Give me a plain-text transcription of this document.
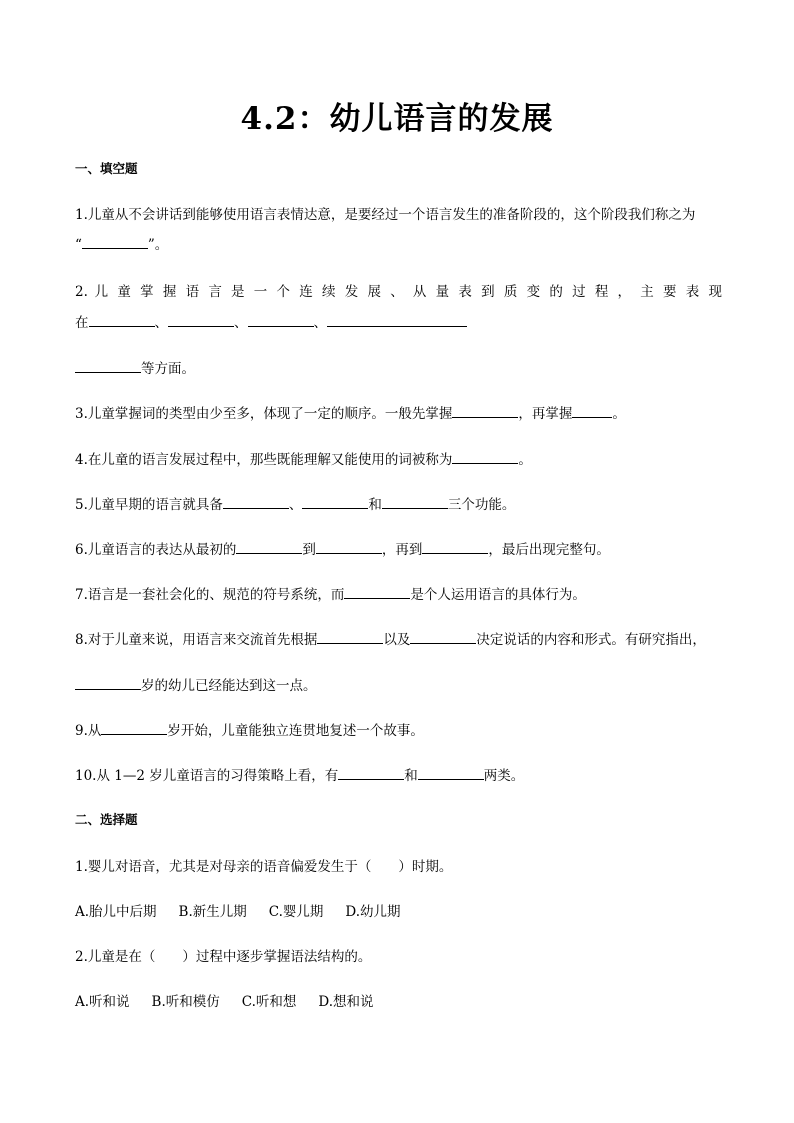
4.2：幼儿语言的发展
一、填空题
1.儿童从不会讲话到能够使用语言表情达意，是要经过一个语言发生的准备阶段的，这个阶段我们称之为
“	”。
2. 儿 童 掌 握 语 言 是 一 个 连 续 发 展 、 从 量 表 到 质 变 的 过 程 ， 主 要 表 现
在	、	、	、
等方面。
3.儿童掌握词的类型由少至多，体现了一定的顺序。一般先掌握	，再掌握	。
4.在儿童的语言发展过程中，那些既能理解又能使用的词被称为	。
5.儿童早期的语言就具备	、	和	三个功能。
6.儿童语言的表达从最初的	到	，再到	，最后出现完整句。
7.语言是一套社会化的、规范的符号系统，而	是个人运用语言的具体行为。
8.对于儿童来说，用语言来交流首先根据	以及	决定说话的内容和形式。有研究指出，
岁的幼儿已经能达到这一点。
9.从	岁开始，儿童能独立连贯地复述一个故事。
10.从 1—2 岁儿童语言的习得策略上看，有	和	两类。
二、选择题
1.婴儿对语音，尤其是对母亲的语音偏爱发生于（　　）时期。
A.胎儿中后期 B.新生儿期 C.婴儿期 D.幼儿期
2.儿童是在（　　）过程中逐步掌握语法结构的。
A.听和说 B.听和模仿 C.听和想 D.想和说
